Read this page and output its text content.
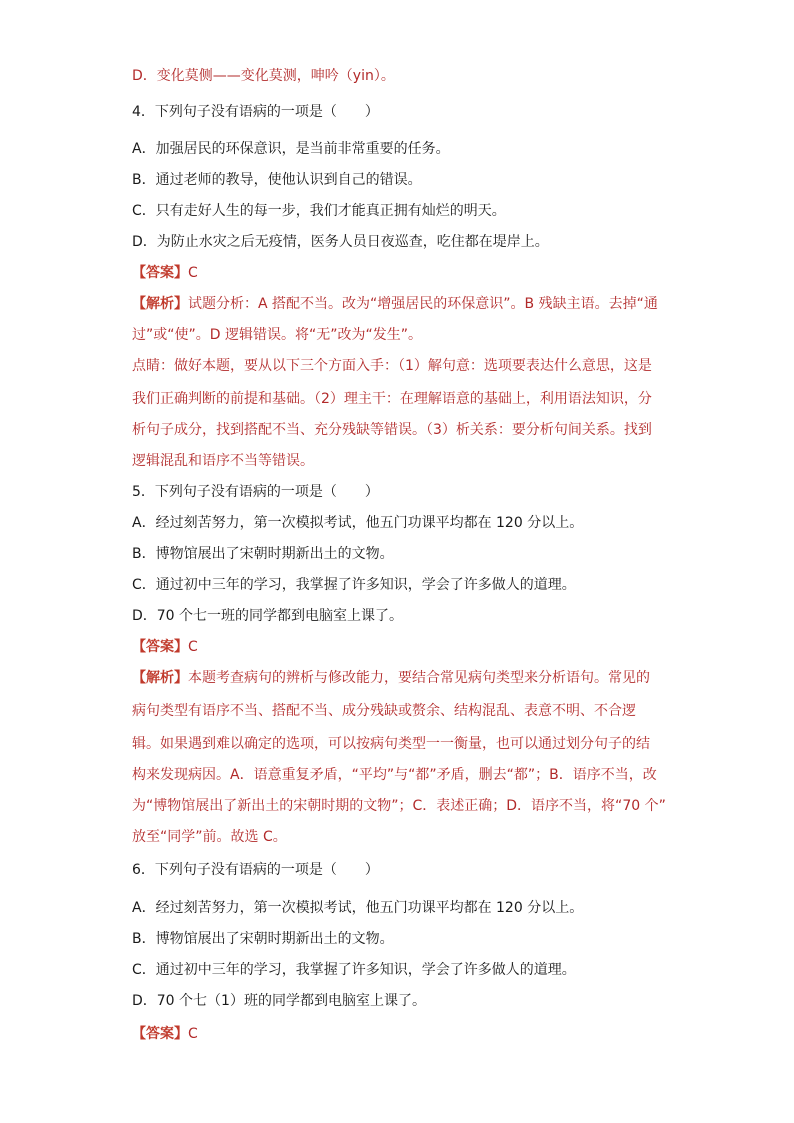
D．变化莫侧——变化莫测，呻吟（yin）。
4．下列句子没有语病的一项是（　　）
A．加强居民的环保意识，是当前非常重要的任务。
B．通过老师的教导，使他认识到自己的错误。
C．只有走好人生的每一步，我们才能真正拥有灿烂的明天。
D．为防止水灾之后无疫情，医务人员日夜巡查，吃住都在堤岸上。
【答案】C
【解析】试题分析：A 搭配不当。改为“增强居民的环保意识”。B 残缺主语。去掉“通
过”或“使”。D 逻辑错误。将“无”改为“发生”。
点睛：做好本题，要从以下三个方面入手：（1）解句意：选项要表达什么意思，这是
我们正确判断的前提和基础。（2）理主干：在理解语意的基础上，利用语法知识，分
析句子成分，找到搭配不当、充分残缺等错误。（3）析关系：要分析句间关系。找到
逻辑混乱和语序不当等错误。
5．下列句子没有语病的一项是（　　）
A．经过刻苦努力，第一次模拟考试，他五门功课平均都在 120 分以上。
B．博物馆展出了宋朝时期新出土的文物。
C．通过初中三年的学习，我掌握了许多知识，学会了许多做人的道理。
D．70 个七一班的同学都到电脑室上课了。
【答案】C
【解析】本题考查病句的辨析与修改能力，要结合常见病句类型来分析语句。常见的
病句类型有语序不当、搭配不当、成分残缺或赘余、结构混乱、表意不明、不合逻
辑。如果遇到难以确定的选项，可以按病句类型一一衡量，也可以通过划分句子的结
构来发现病因。A．语意重复矛盾，“平均”与“都”矛盾，删去“都”；B．语序不当，改
为“博物馆展出了新出土的宋朝时期的文物”；C．表述正确；D．语序不当，将“70 个”
放至“同学”前。故选 C。
6．下列句子没有语病的一项是（　　）
A．经过刻苦努力，第一次模拟考试，他五门功课平均都在 120 分以上。
B．博物馆展出了宋朝时期新出土的文物。
C．通过初中三年的学习，我掌握了许多知识，学会了许多做人的道理。
D．70 个七（1）班的同学都到电脑室上课了。
【答案】C
